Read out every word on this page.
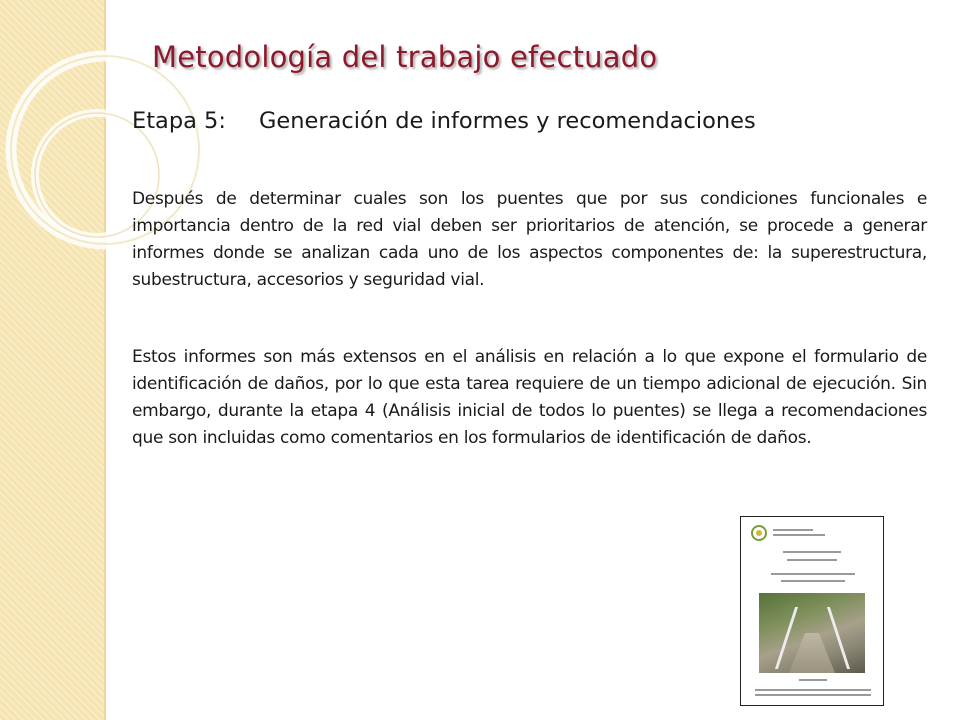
Metodología del trabajo efectuado
Etapa 5: Generación de informes y recomendaciones

Después de determinar cuales son los puentes que por sus condiciones funcionales e importancia dentro de la red vial deben ser prioritarios de atención, se procede a generar informes donde se analizan cada uno de los aspectos componentes de: la superestructura, subestructura, accesorios y seguridad vial.

Estos informes son más extensos en el análisis en relación a lo que expone el formulario de identificación de daños, por lo que esta tarea requiere de un tiempo adicional de ejecución. Sin embargo, durante la etapa 4 (Análisis inicial de todos lo puentes) se llega a recomendaciones que son incluidas como comentarios en los formularios de identificación de daños.
